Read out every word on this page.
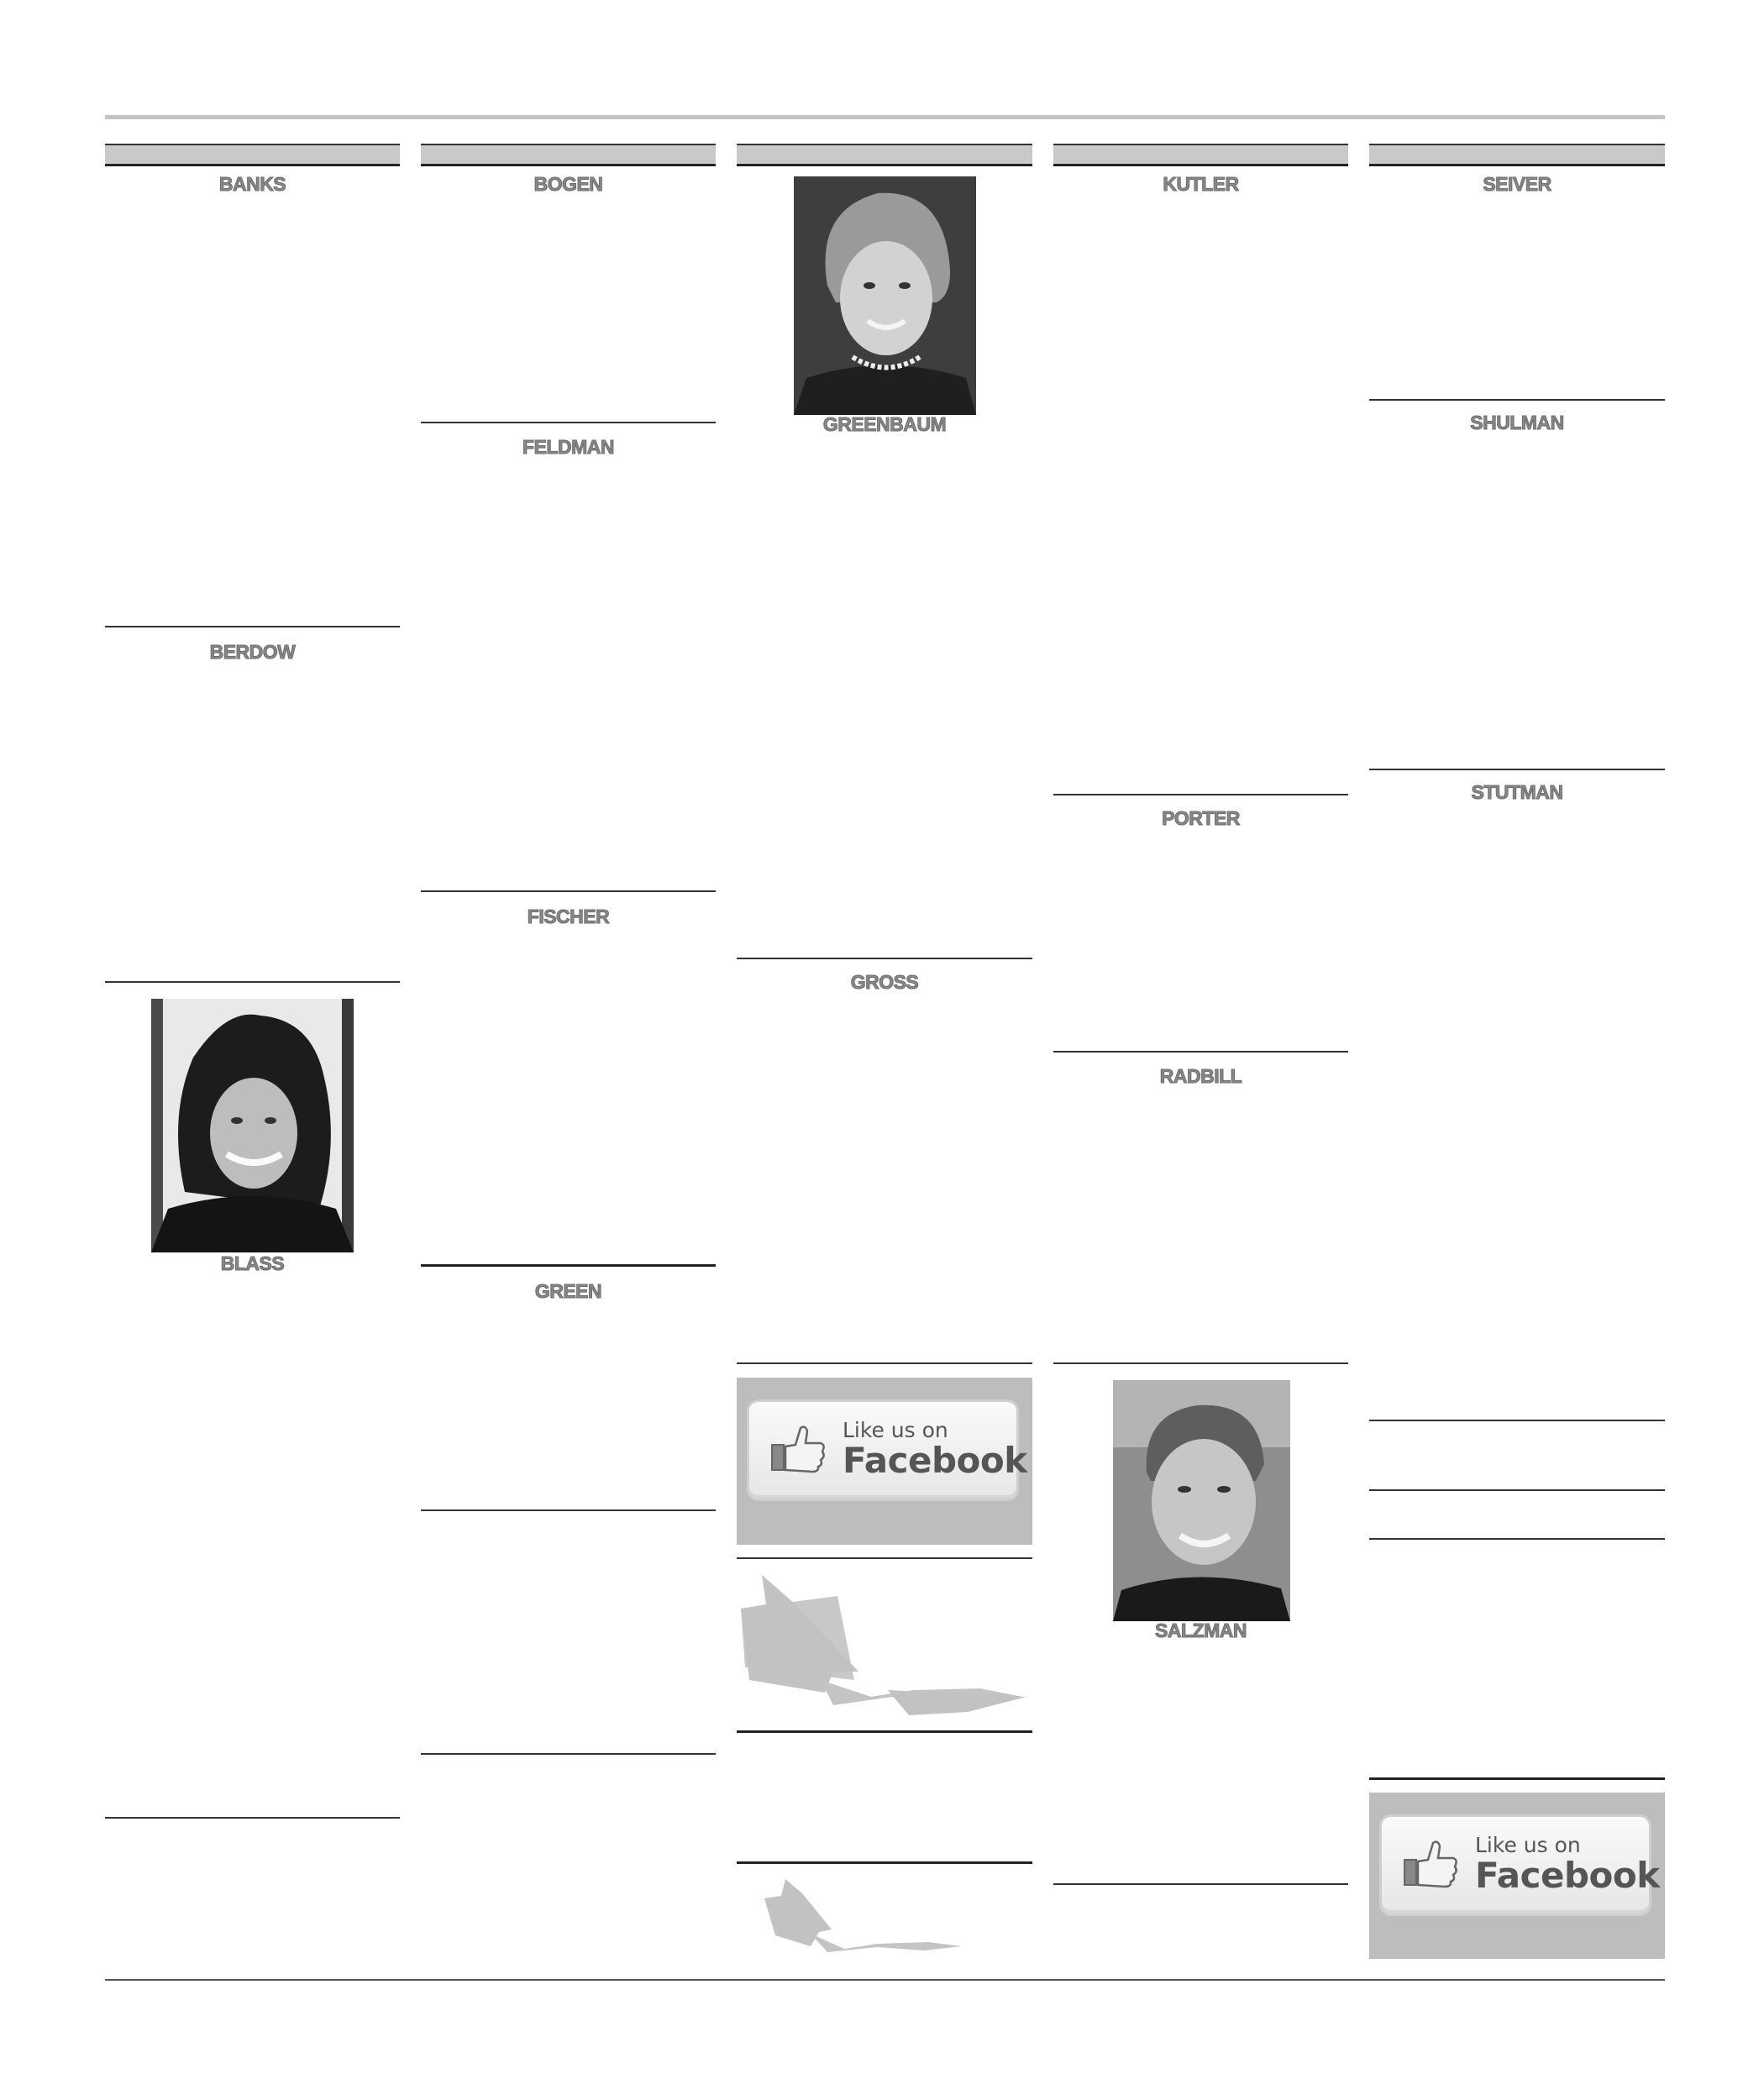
BANKS
BERDOW
BLASS
BOGEN
FELDMAN
FISCHER
GREEN
GREENBAUM
GROSS
Like us on
Facebook
KUTLER
PORTER
RADBILL
SALZMAN
SEIVER
SHULMAN
STUTMAN
Like us on
Facebook
